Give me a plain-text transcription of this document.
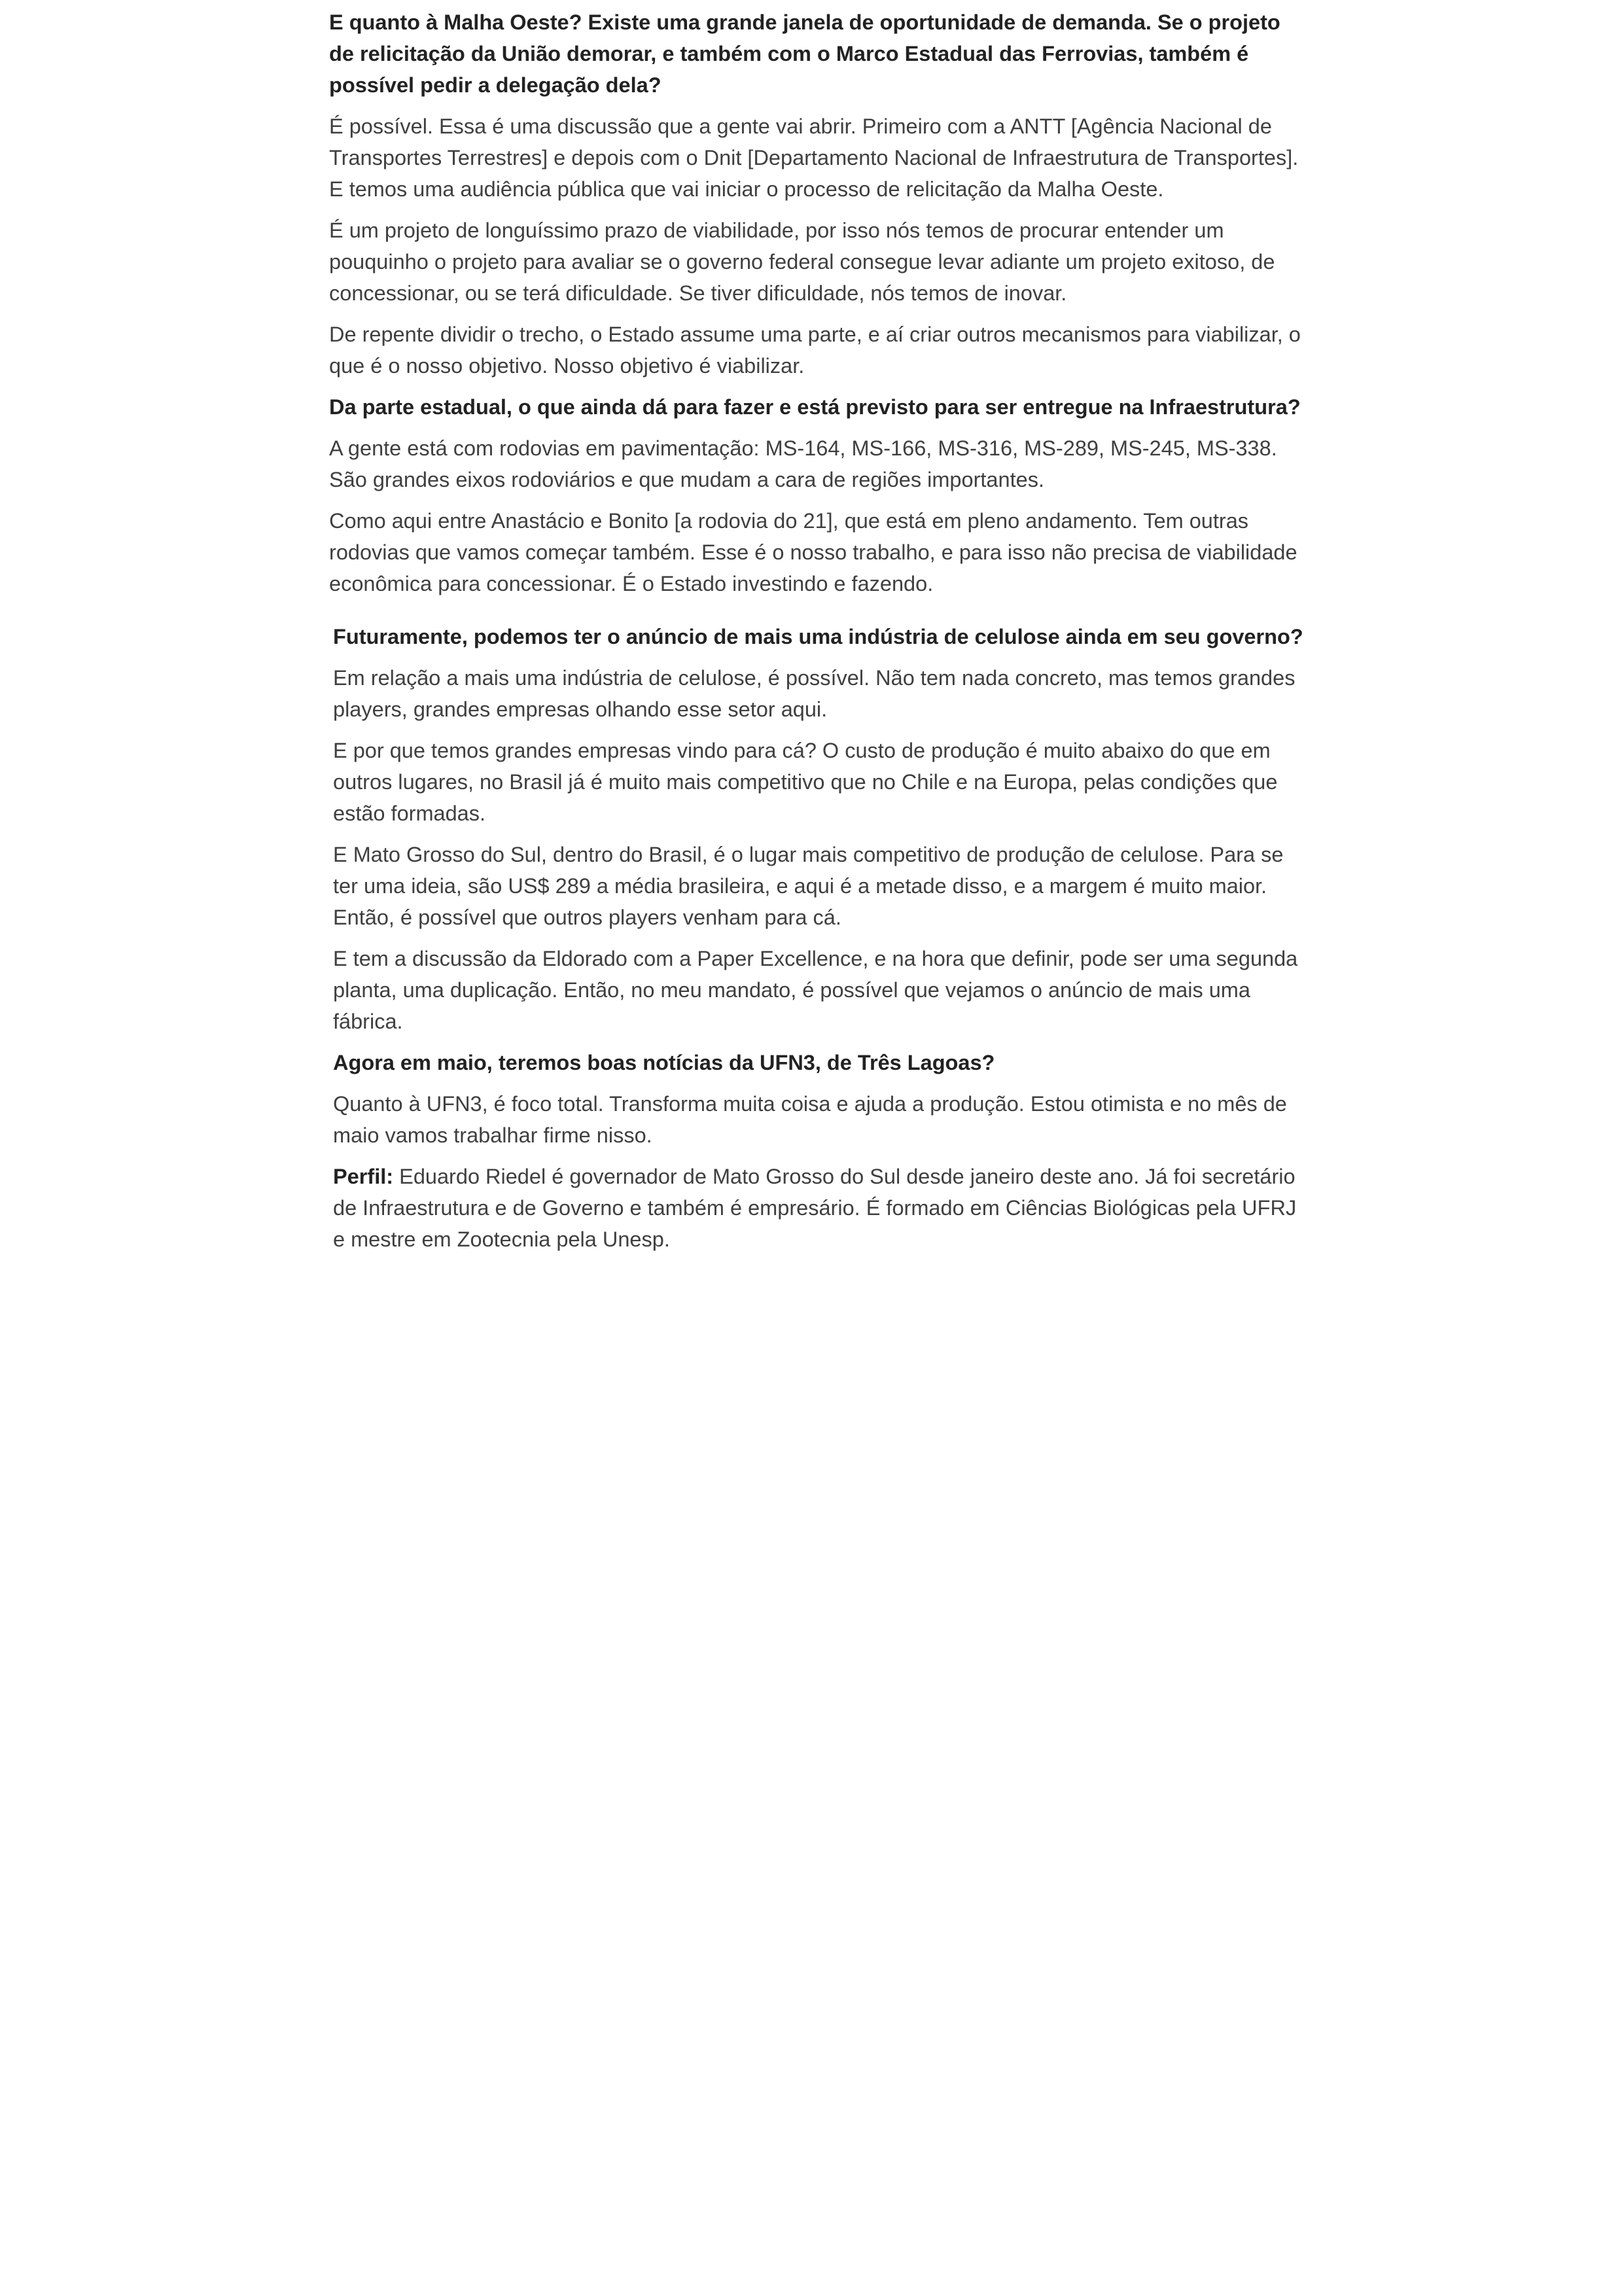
E quanto à Malha Oeste? Existe uma grande janela de oportunidade de demanda. Se o projeto de relicitação da União demorar, e também com o Marco Estadual das Ferrovias, também é possível pedir a delegação dela?

É possível. Essa é uma discussão que a gente vai abrir. Primeiro com a ANTT [Agência Nacional de Transportes Terrestres] e depois com o Dnit [Departamento Nacional de Infraestrutura de Transportes]. E temos uma audiência pública que vai iniciar o processo de relicitação da Malha Oeste.

É um projeto de longuíssimo prazo de viabilidade, por isso nós temos de procurar entender um pouquinho o projeto para avaliar se o governo federal consegue levar adiante um projeto exitoso, de concessionar, ou se terá dificuldade. Se tiver dificuldade, nós temos de inovar.

De repente dividir o trecho, o Estado assume uma parte, e aí criar outros mecanismos para viabilizar, o que é o nosso objetivo. Nosso objetivo é viabilizar.

Da parte estadual, o que ainda dá para fazer e está previsto para ser entregue na Infraestrutura?

A gente está com rodovias em pavimentação: MS-164, MS-166, MS-316, MS-289, MS-245, MS-338. São grandes eixos rodoviários e que mudam a cara de regiões importantes.

Como aqui entre Anastácio e Bonito [a rodovia do 21], que está em pleno andamento. Tem outras rodovias que vamos começar também. Esse é o nosso trabalho, e para isso não precisa de viabilidade econômica para concessionar. É o Estado investindo e fazendo.

Futuramente, podemos ter o anúncio de mais uma indústria de celulose ainda em seu governo?

Em relação a mais uma indústria de celulose, é possível. Não tem nada concreto, mas temos grandes players, grandes empresas olhando esse setor aqui.

E por que temos grandes empresas vindo para cá? O custo de produção é muito abaixo do que em outros lugares, no Brasil já é muito mais competitivo que no Chile e na Europa, pelas condições que estão formadas.

E Mato Grosso do Sul, dentro do Brasil, é o lugar mais competitivo de produção de celulose. Para se ter uma ideia, são US$ 289 a média brasileira, e aqui é a metade disso, e a margem é muito maior. Então, é possível que outros players venham para cá.

E tem a discussão da Eldorado com a Paper Excellence, e na hora que definir, pode ser uma segunda planta, uma duplicação. Então, no meu mandato, é possível que vejamos o anúncio de mais uma fábrica.

Agora em maio, teremos boas notícias da UFN3, de Três Lagoas?

Quanto à UFN3, é foco total. Transforma muita coisa e ajuda a produção. Estou otimista e no mês de maio vamos trabalhar firme nisso.

Perfil: Eduardo Riedel é governador de Mato Grosso do Sul desde janeiro deste ano. Já foi secretário de Infraestrutura e de Governo e também é empresário. É formado em Ciências Biológicas pela UFRJ e mestre em Zootecnia pela Unesp.
